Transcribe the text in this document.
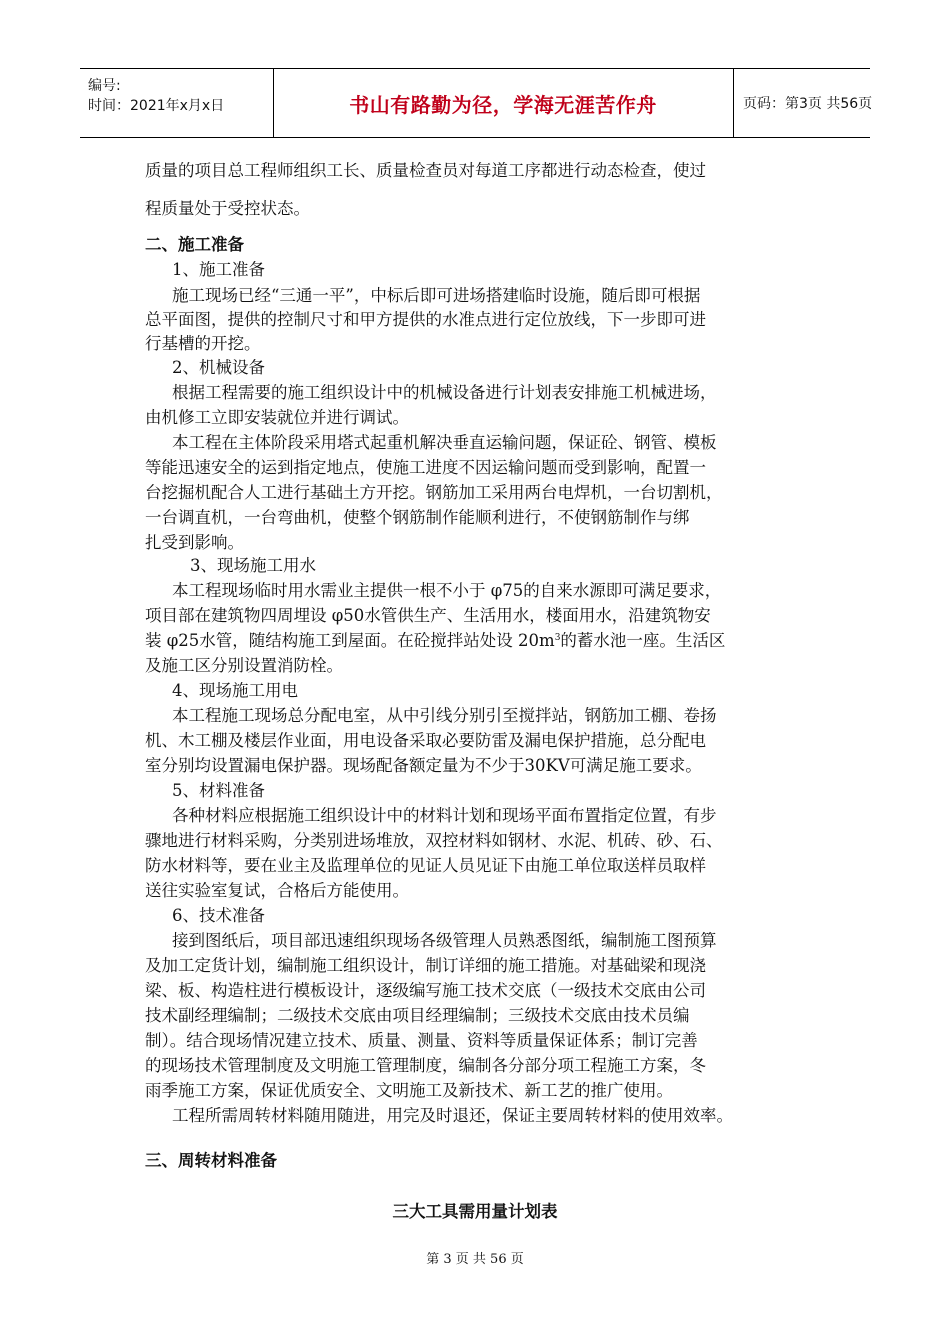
编号:
时间：2021年x月x日	书山有路勤为径，学海无涯苦作舟	页码：第3页 共56页
质量的项目总工程师组织工长、质量检查员对每道工序都进行动态检查，使过
程质量处于受控状态。
二、施工准备
1、施工准备
施工现场已经“三通一平”，中标后即可进场搭建临时设施，随后即可根据
总平面图，提供的控制尺寸和甲方提供的水准点进行定位放线，下一步即可进
行基槽的开挖。
2、机械设备
根据工程需要的施工组织设计中的机械设备进行计划表安排施工机械进场，
由机修工立即安装就位并进行调试。
本工程在主体阶段采用塔式起重机解决垂直运输问题，保证砼、钢管、模板
等能迅速安全的运到指定地点，使施工进度不因运输问题而受到影响，配置一
台挖掘机配合人工进行基础土方开挖。钢筋加工采用两台电焊机，一台切割机，
一台调直机，一台弯曲机，使整个钢筋制作能顺利进行，不使钢筋制作与绑
扎受到影响。
3、现场施工用水
本工程现场临时用水需业主提供一根不小于 φ75的自来水源即可满足要求，
项目部在建筑物四周埋设 φ50水管供生产、生活用水，楼面用水，沿建筑物安
装 φ25水管，随结构施工到屋面。在砼搅拌站处设 $20m^3$的蓄水池一座。生活区
及施工区分别设置消防栓。
4、现场施工用电
本工程施工现场总分配电室，从中引线分别引至搅拌站，钢筋加工棚、卷扬
机、木工棚及楼层作业面，用电设备采取必要防雷及漏电保护措施，总分配电
室分别均设置漏电保护器。现场配备额定量为不少于30KV可满足施工要求。
5、材料准备
各种材料应根据施工组织设计中的材料计划和现场平面布置指定位置，有步
骤地进行材料采购，分类别进场堆放，双控材料如钢材、水泥、机砖、砂、石、
防水材料等，要在业主及监理单位的见证人员见证下由施工单位取送样员取样
送往实验室复试，合格后方能使用。
6、技术准备
接到图纸后，项目部迅速组织现场各级管理人员熟悉图纸，编制施工图预算
及加工定货计划，编制施工组织设计，制订详细的施工措施。对基础梁和现浇
梁、板、构造柱进行模板设计，逐级编写施工技术交底（一级技术交底由公司
技术副经理编制；二级技术交底由项目经理编制；三级技术交底由技术员编
制）。结合现场情况建立技术、质量、测量、资料等质量保证体系；制订完善
的现场技术管理制度及文明施工管理制度，编制各分部分项工程施工方案，冬
雨季施工方案，保证优质安全、文明施工及新技术、新工艺的推广使用。
工程所需周转材料随用随进，用完及时退还，保证主要周转材料的使用效率。
三、周转材料准备
三大工具需用量计划表
第 3 页 共 56 页
